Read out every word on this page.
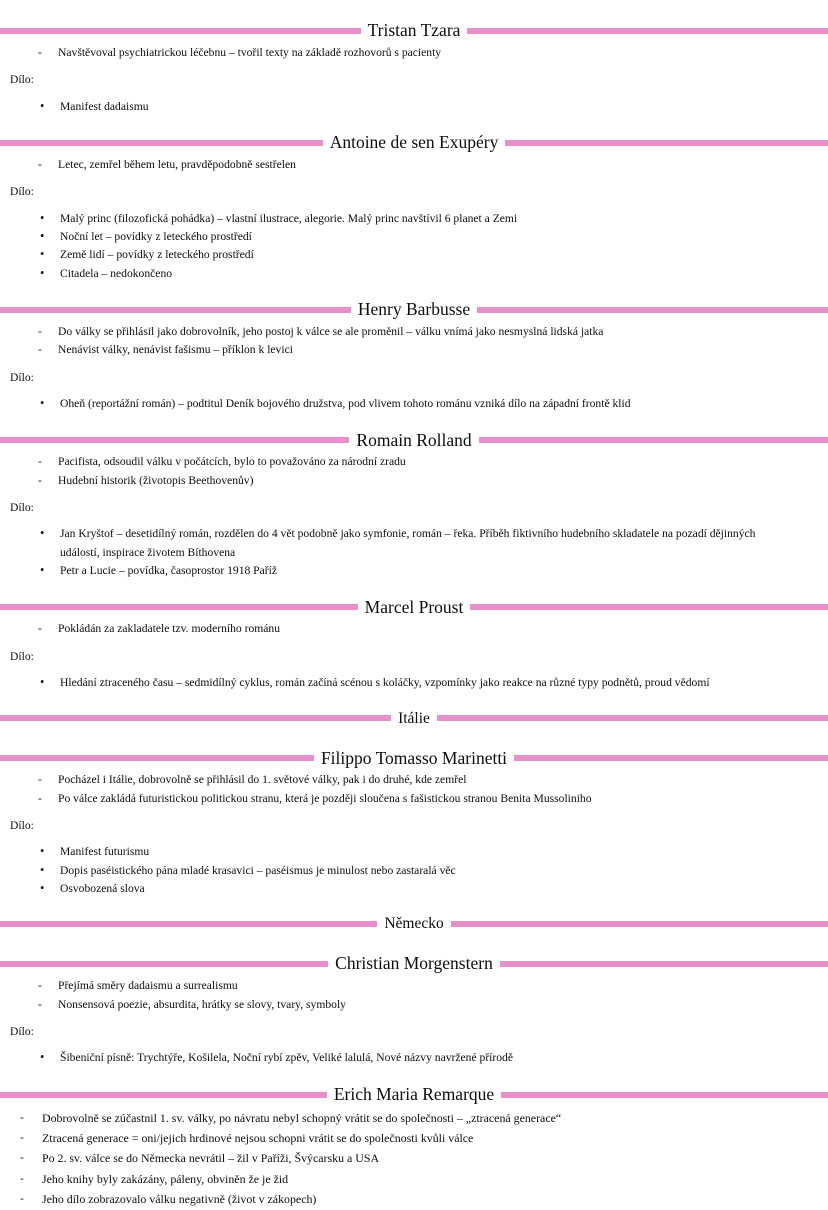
Tristan Tzara
- Navštěvoval psychiatrickou léčebnu – tvořil texty na základě rozhovorů s pacienty
Dílo:
• Manifest dadaismu
Antoine de sen Exupéry
- Letec, zemřel během letu, pravděpodobně sestřelen
Dílo:
• Malý princ (filozofická pohádka) – vlastní ilustrace, alegorie. Malý princ navštívil 6 planet a Zemi
• Noční let – povídky z leteckého prostředí
• Země lidí – povídky z leteckého prostředí
• Citadela – nedokončeno
Henry Barbusse
- Do války se přihlásil jako dobrovolník, jeho postoj k válce se ale proměnil – válku vnímá jako nesmyslná lidská jatka
- Nenávist války, nenávist fašismu – příklon k levici
Dílo:
• Oheň (reportážní román) – podtitul Deník bojového družstva, pod vlivem tohoto románu vzniká dílo na západní frontě klid
Romain Rolland
- Pacifista, odsoudil válku v počátcích, bylo to považováno za národní zradu
- Hudební historik (životopis Beethovenův)
Dílo:
• Jan Kryštof – desetidílný román, rozdělen do 4 vět podobně jako symfonie, román – řeka. Příběh fiktivního hudebního skladatele na pozadí dějinných událostí, inspirace životem Bíthovena
• Petr a Lucie – povídka, časoprostor 1918 Paříž
Marcel Proust
- Pokládán za zakladatele tzv. moderního románu
Dílo:
• Hledání ztraceného času – sedmidílný cyklus, román začíná scénou s koláčky, vzpomínky jako reakce na různé typy podnětů, proud vědomí
Itálie
Filippo Tomasso Marinetti
- Pocházel i Itálie, dobrovolně se přihlásil do 1. světové války, pak i do druhé, kde zemřel
- Po válce zakládá futuristickou politickou stranu, která je později sloučena s fašistickou stranou Benita Mussoliniho
Dílo:
• Manifest futurismu
• Dopis paséistického pána mladé krasavici – paséismus je minulost nebo zastaralá věc
• Osvobozená slova
Německo
Christian Morgenstern
- Přejímá směry dadaismu a surrealismu
- Nonsensová poezie, absurdita, hrátky se slovy, tvary, symboly
Dílo:
• Šibeniční písně: Trychtýře, Košilela, Noční rybí zpěv, Veliké lalulá, Nové názvy navržené přírodě
Erich Maria Remarque
- Dobrovolně se zúčastnil 1. sv. války, po návratu nebyl schopný vrátit se do společnosti – „ztracená generace“
- Ztracená generace = oni/jejich hrdinové nejsou schopni vrátit se do společnosti kvůli válce
- Po 2. sv. válce se do Německa nevrátil – žil v Paříži, Švýcarsku a USA
- Jeho knihy byly zakázány, páleny, obviněn že je žid
- Jeho dílo zobrazovalo válku negativně (život v zákopech)
